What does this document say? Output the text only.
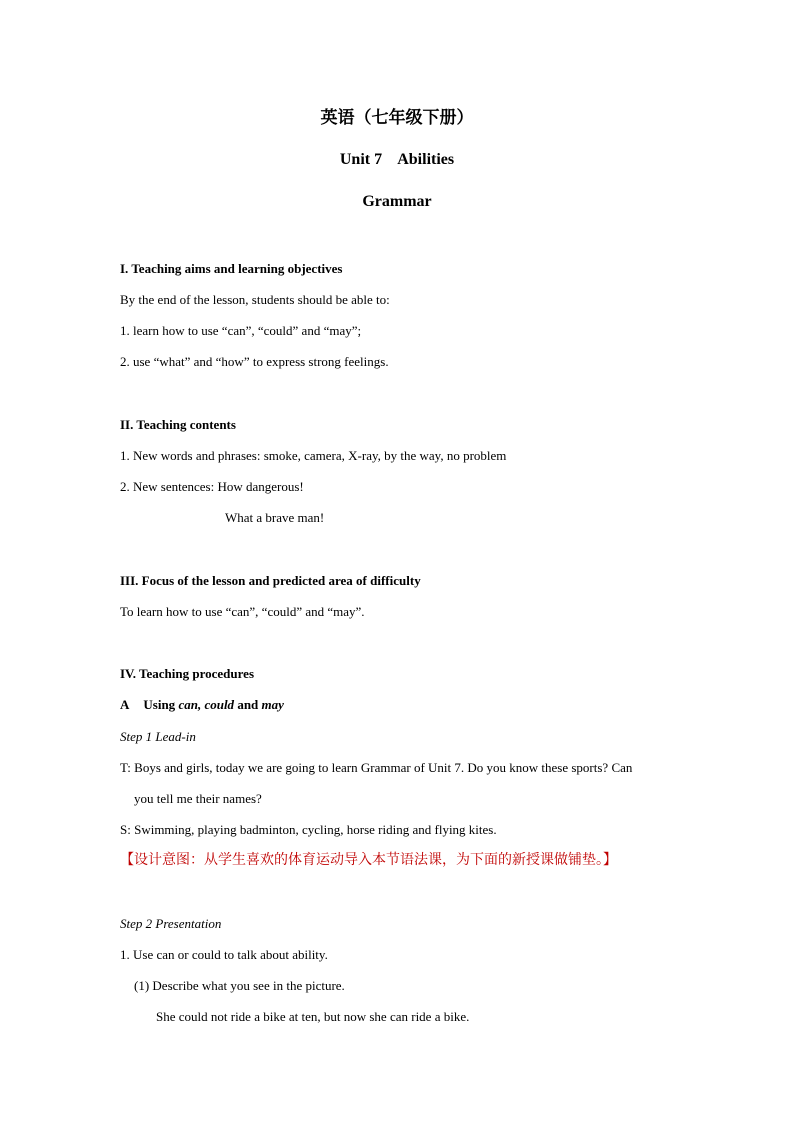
英语（七年级下册）
Unit 7    Abilities
Grammar
I. Teaching aims and learning objectives
By the end of the lesson, students should be able to:
1. learn how to use “can”, “could” and “may”;
2. use “what” and “how” to express strong feelings.
II. Teaching contents
1. New words and phrases: smoke, camera, X-ray, by the way, no problem
2. New sentences: How dangerous!
What a brave man!
III. Focus of the lesson and predicted area of difficulty
To learn how to use “can”, “could” and “may”.
IV. Teaching procedures
A Using can, could and may
Step 1 Lead-in
T: Boys and girls, today we are going to learn Grammar of Unit 7. Do you know these sports? Can
you tell me their names?
S: Swimming, playing badminton, cycling, horse riding and flying kites.
【设计意图：从学生喜欢的体育运动导入本节语法课，为下面的新授课做铺垫。】
Step 2 Presentation
1. Use can or could to talk about ability.
(1) Describe what you see in the picture.
She could not ride a bike at ten, but now she can ride a bike.
